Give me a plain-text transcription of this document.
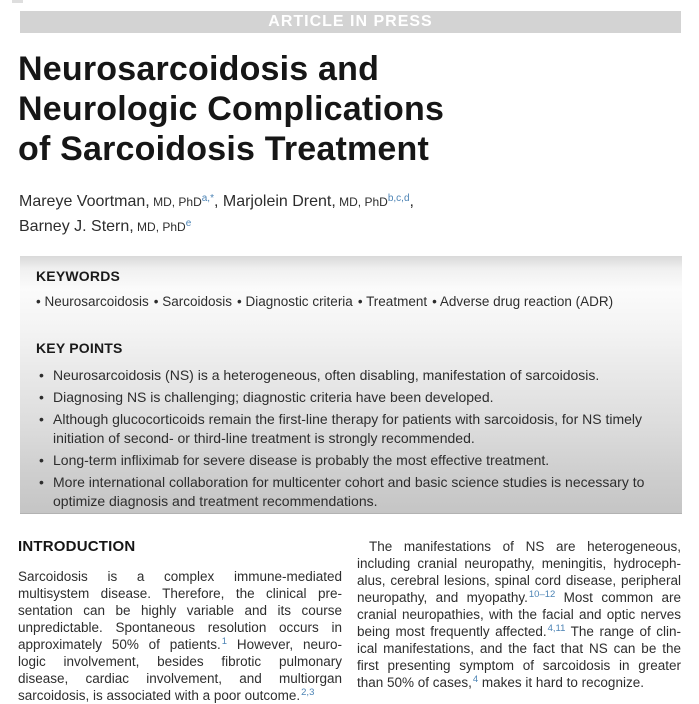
ARTICLE IN PRESS
Neurosarcoidosis and
Neurologic Complications
of Sarcoidosis Treatment
Mareye Voortman, MD, PhD$^{a,*}$, Marjolein Drent, MD, PhD$^{b,c,d}$,
Barney J. Stern, MD, PhD$^e$
KEYWORDS
• Neurosarcoidosis • Sarcoidosis • Diagnostic criteria • Treatment • Adverse drug reaction (ADR)
KEY POINTS
• Neurosarcoidosis (NS) is a heterogeneous, often disabling, manifestation of sarcoidosis.
• Diagnosing NS is challenging; diagnostic criteria have been developed.
• Although glucocorticoids remain the first-line therapy for patients with sarcoidosis, for NS timely initiation of second- or third-line treatment is strongly recommended.
• Long-term infliximab for severe disease is probably the most effective treatment.
• More international collaboration for multicenter cohort and basic science studies is necessary to optimize diagnosis and treatment recommendations.
INTRODUCTION
Sarcoidosis is a complex immune-mediated
multisystem disease. Therefore, the clinical pre-
sentation can be highly variable and its course
unpredictable. Spontaneous resolution occurs in
approximately 50% of patients.$^1$ However, neuro-
logic involvement, besides fibrotic pulmonary
disease, cardiac involvement, and multiorgan
sarcoidosis, is associated with a poor outcome.$^{2,3}$
The manifestations of NS are heterogeneous,
including cranial neuropathy, meningitis, hydroceph-
alus, cerebral lesions, spinal cord disease, peripheral
neuropathy, and myopathy.$^{10-12}$ Most common are
cranial neuropathies, with the facial and optic nerves
being most frequently affected.$^{4,11}$ The range of clin-
ical manifestations, and the fact that NS can be the
first presenting symptom of sarcoidosis in greater
than 50% of cases,$^4$ makes it hard to recognize.
